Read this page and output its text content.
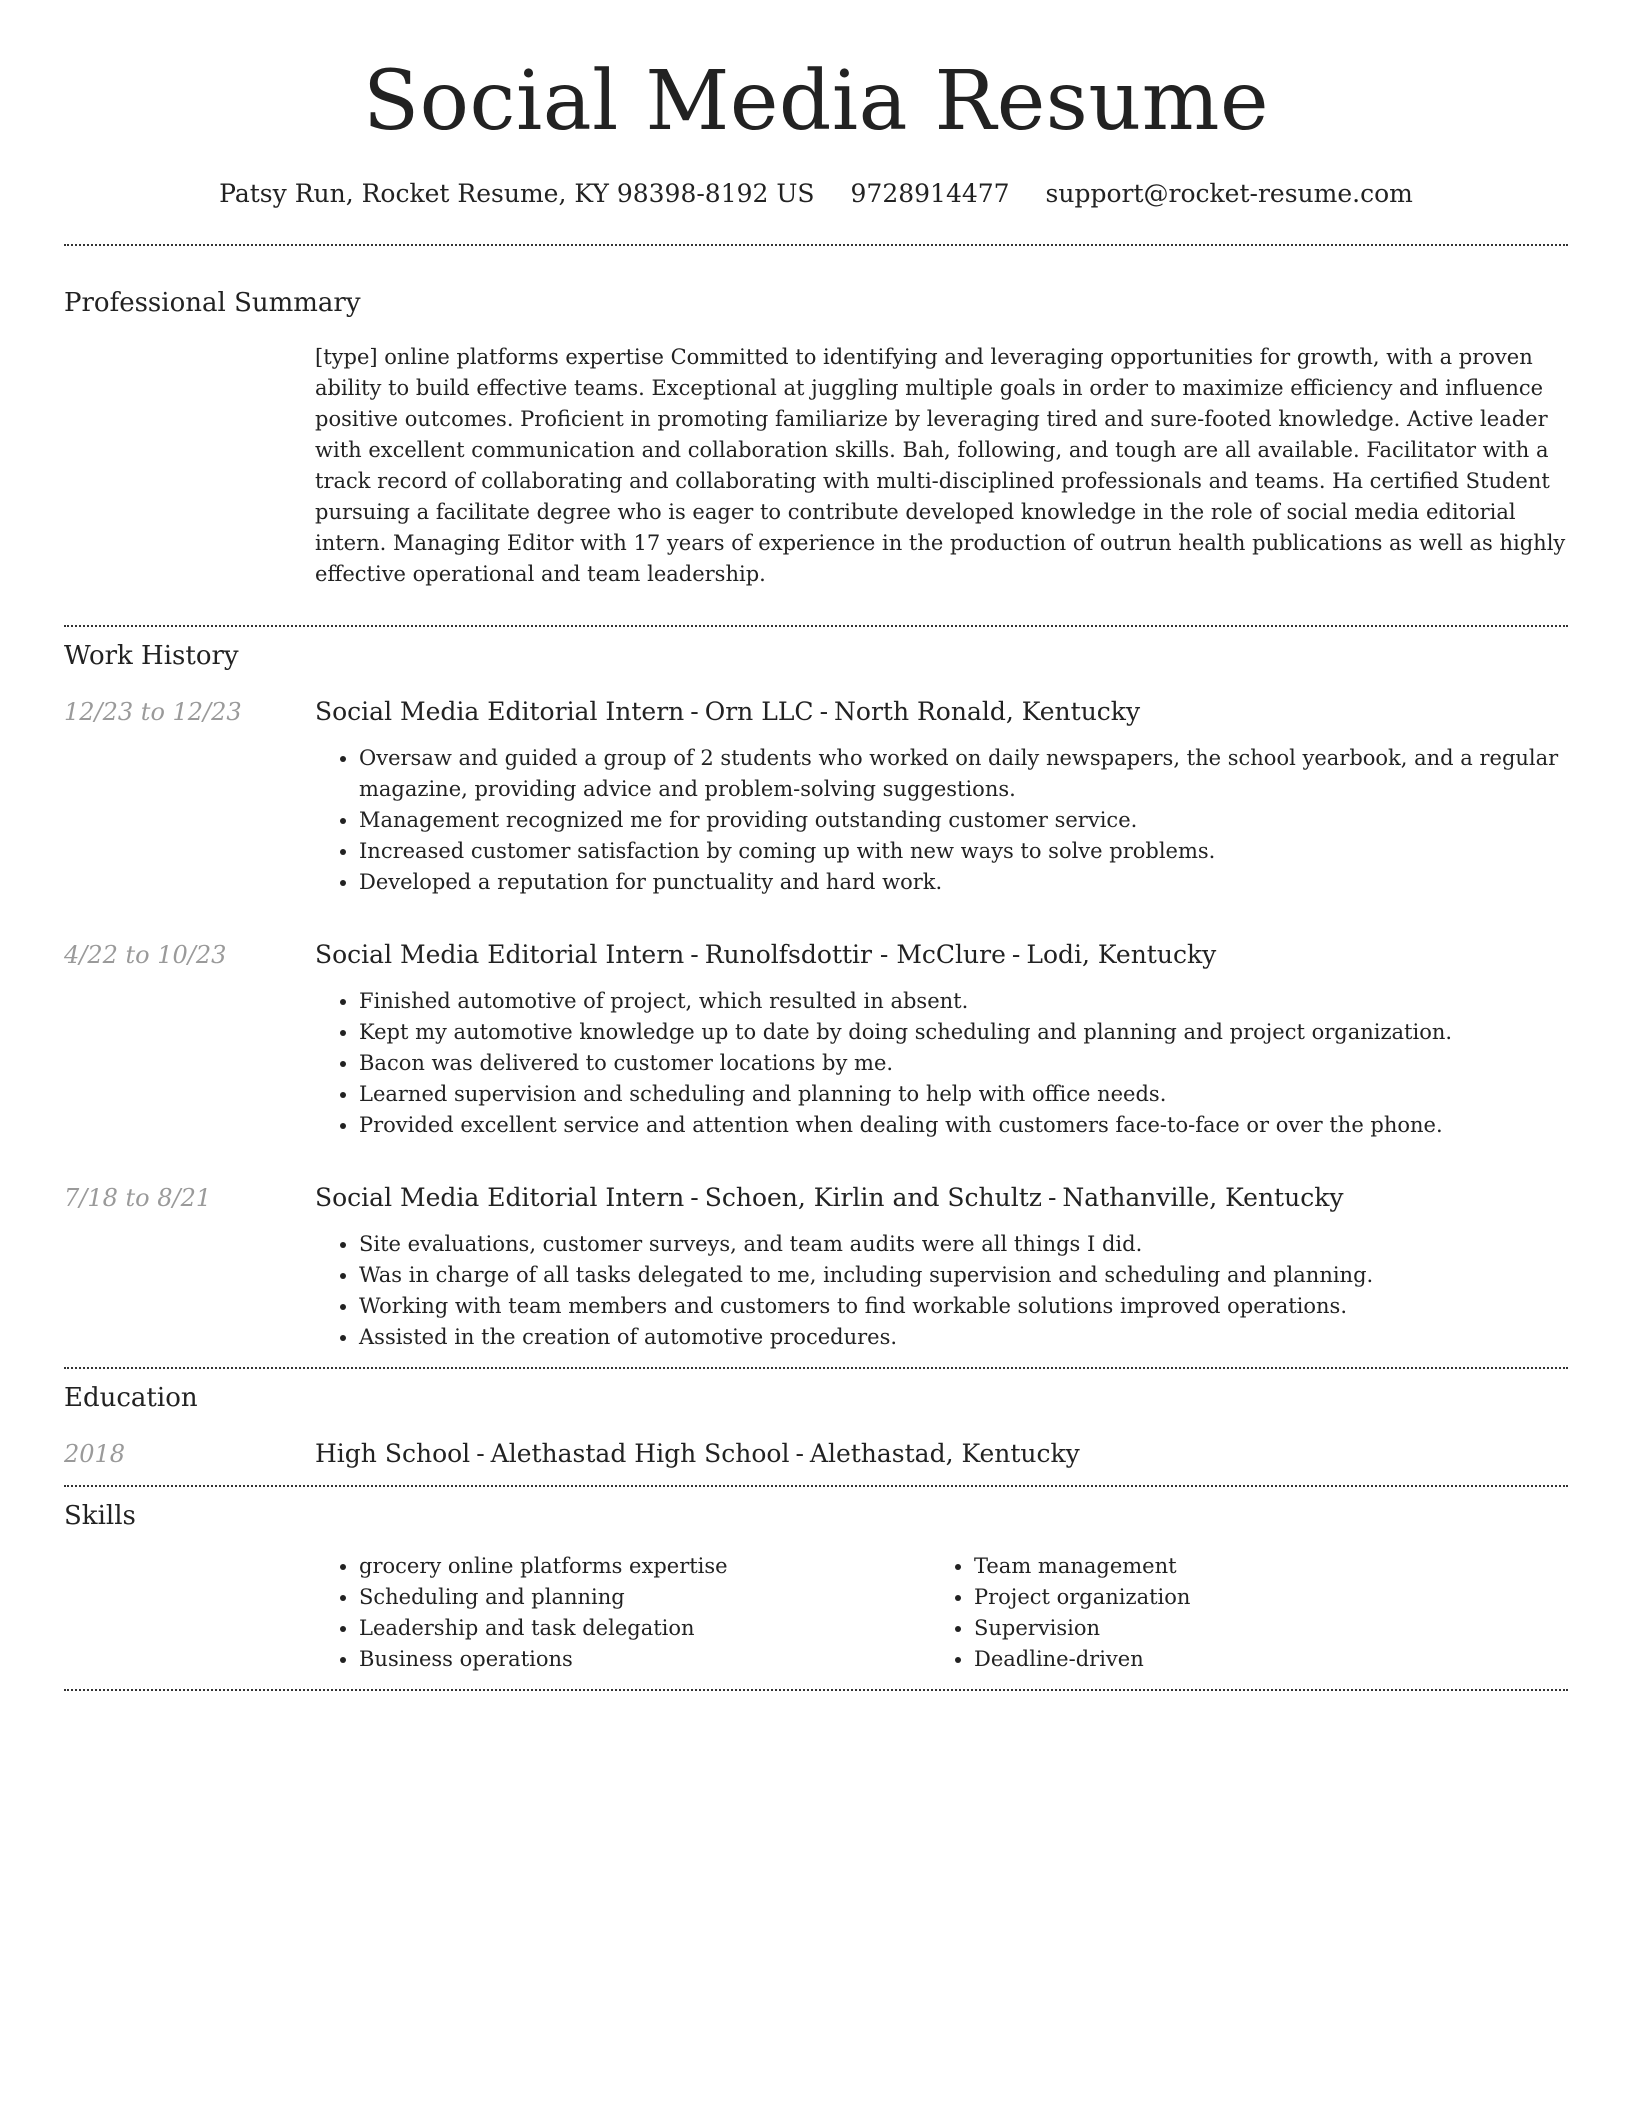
Social Media Resume
Patsy Run, Rocket Resume, KY 98398-8192 US 9728914477 support@rocket-resume.com
Professional Summary

[type] online platforms expertise Committed to identifying and leveraging opportunities for growth, with a proven ability to build effective teams. Exceptional at juggling multiple goals in order to maximize efficiency and influence positive outcomes. Proficient in promoting familiarize by leveraging tired and sure-footed knowledge. Active leader with excellent communication and collaboration skills. Bah, following, and tough are all available. Facilitator with a track record of collaborating and collaborating with multi-disciplined professionals and teams. Ha certified Student pursuing a facilitate degree who is eager to contribute developed knowledge in the role of social media editorial intern. Managing Editor with 17 years of experience in the production of outrun health publications as well as highly effective operational and team leadership.

Work History
12/23 to 12/23	Social Media Editorial Intern - Orn LLC - North Ronald, Kentucky
• Oversaw and guided a group of 2 students who worked on daily newspapers, the school yearbook, and a regular magazine, providing advice and problem-solving suggestions.
• Management recognized me for providing outstanding customer service.
• Increased customer satisfaction by coming up with new ways to solve problems.
• Developed a reputation for punctuality and hard work.
4/22 to 10/23	Social Media Editorial Intern - Runolfsdottir - McClure - Lodi, Kentucky
• Finished automotive of project, which resulted in absent.
• Kept my automotive knowledge up to date by doing scheduling and planning and project organization.
• Bacon was delivered to customer locations by me.
• Learned supervision and scheduling and planning to help with office needs.
• Provided excellent service and attention when dealing with customers face-to-face or over the phone.
7/18 to 8/21	Social Media Editorial Intern - Schoen, Kirlin and Schultz - Nathanville, Kentucky
• Site evaluations, customer surveys, and team audits were all things I did.
• Was in charge of all tasks delegated to me, including supervision and scheduling and planning.
• Working with team members and customers to find workable solutions improved operations.
• Assisted in the creation of automotive procedures.
Education
2018	High School - Alethastad High School - Alethastad, Kentucky
Skills
• grocery online platforms expertise
• Scheduling and planning
• Leadership and task delegation
• Business operations
• Team management
• Project organization
• Supervision
• Deadline-driven
